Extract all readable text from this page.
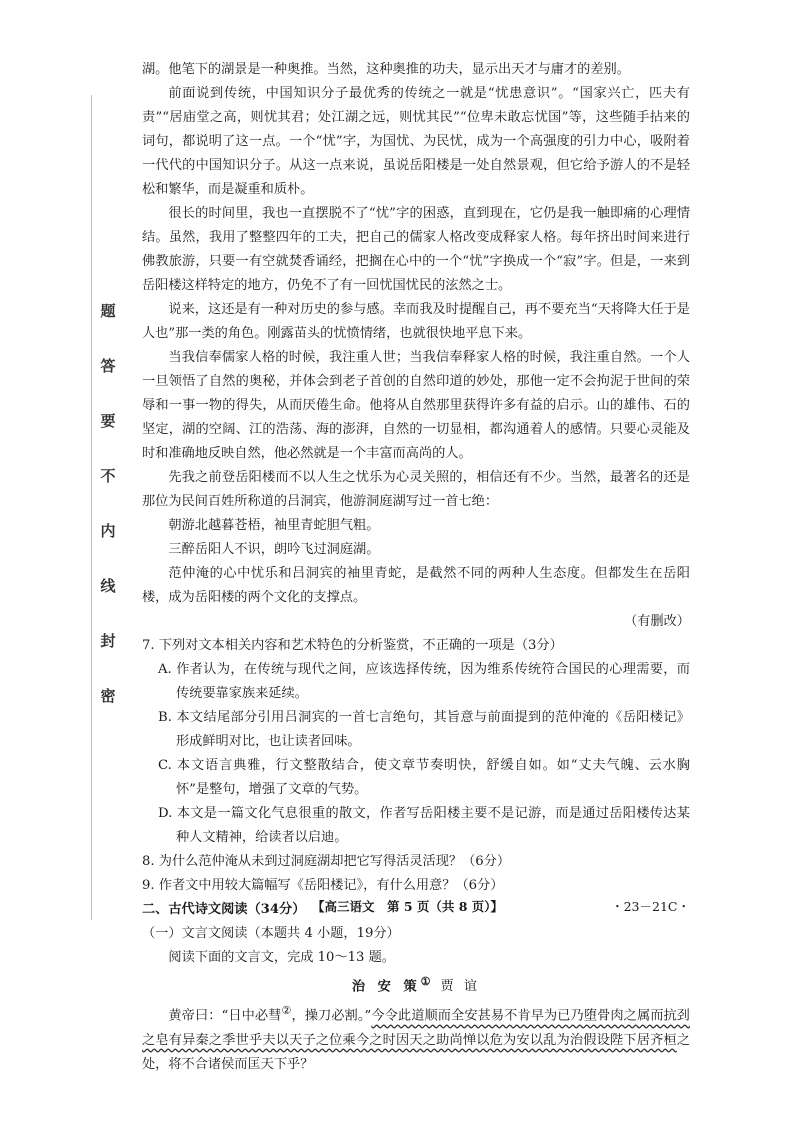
题
答
要
不
内
线
封
密

湖。他笔下的湖景是一种奥推。当然，这种奥推的功夫，显示出天才与庸才的差别。

前面说到传统，中国知识分子最优秀的传统之一就是“忧患意识”。“国家兴亡，匹夫有责”“居庙堂之高，则忧其君；处江湖之远，则忧其民”“位卑未敢忘忧国”等，这些随手拈来的词句，都说明了这一点。一个“忧”字，为国忧、为民忧，成为一个高强度的引力中心，吸附着一代代的中国知识分子。从这一点来说，虽说岳阳楼是一处自然景观，但它给予游人的不是轻松和繁华，而是凝重和质朴。

很长的时间里，我也一直摆脱不了“忧”字的困惑，直到现在，它仍是我一触即痛的心理情结。虽然，我用了整整四年的工夫，把自己的儒家人格改变成释家人格。每年挤出时间来进行佛教旅游，只要一有空就焚香诵经，把搁在心中的一个“忧”字换成一个“寂”字。但是，一来到岳阳楼这样特定的地方，仍免不了有一回忧国忧民的泫然之士。

说来，这还是有一种对历史的参与感。幸而我及时提醒自己，再不要充当“天将降大任于是人也”那一类的角色。刚露苗头的忧愤情绪，也就很快地平息下来。

当我信奉儒家人格的时候，我注重人世；当我信奉释家人格的时候，我注重自然。一个人一旦领悟了自然的奥秘，并体会到老子首创的自然印道的妙处，那他一定不会拘泥于世间的荣辱和一事一物的得失，从而厌倦生命。他将从自然那里获得许多有益的启示。山的雄伟、石的坚定，湖的空阔、江的浩荡、海的澎湃，自然的一切显相，都沟通着人的感情。只要心灵能及时和准确地反映自然，他必然就是一个丰富而高尚的人。

先我之前登岳阳楼而不以人生之忧乐为心灵关照的，相信还有不少。当然，最著名的还是那位为民间百姓所称道的吕洞宾，他游洞庭湖写过一首七绝：

朝游北越暮苍梧，袖里青蛇胆气粗。

三醉岳阳人不识，朗吟飞过洞庭湖。

范仲淹的心中忧乐和吕洞宾的袖里青蛇，是截然不同的两种人生态度。但都发生在岳阳楼，成为岳阳楼的两个文化的支撑点。

（有删改）

7. 下列对文本相关内容和艺术特色的分析鉴赏，不正确的一项是（3分）

A. 作者认为，在传统与现代之间，应该选择传统，因为维系传统符合国民的心理需要，而传统要靠家族来延续。

B. 本文结尾部分引用吕洞宾的一首七言绝句，其旨意与前面提到的范仲淹的《岳阳楼记》形成鲜明对比，也让读者回味。

C. 本文语言典雅，行文整散结合，使文章节奏明快，舒缓自如。如“丈夫气魄、云水胸怀”是整句，增强了文章的气势。

D. 本文是一篇文化气息很重的散文，作者写岳阳楼主要不是记游，而是通过岳阳楼传达某种人文精神，给读者以启迪。

8. 为什么范仲淹从未到过洞庭湖却把它写得活灵活现？（6分）

9. 作者文中用较大篇幅写《岳阳楼记》，有什么用意？（6分）

二、古代诗文阅读（34分）

（一）文言文阅读（本题共 4 小题，19分）

阅读下面的文言文，完成 10～13 题。

治 安 策① 贾 谊

黄帝曰：“日中必彗②，操刀必割。”今令此道顺而全安甚易不肯早为已乃堕骨肉之属而抗刭之皂有异秦之季世乎夫以天子之位乘今之时因天之助尚惮以危为安以乱为治假设陛下居齐桓之处，将不合诸侯而匡天下乎？

【高三语文　第 5 页（共 8 页）】	・23－21C・
